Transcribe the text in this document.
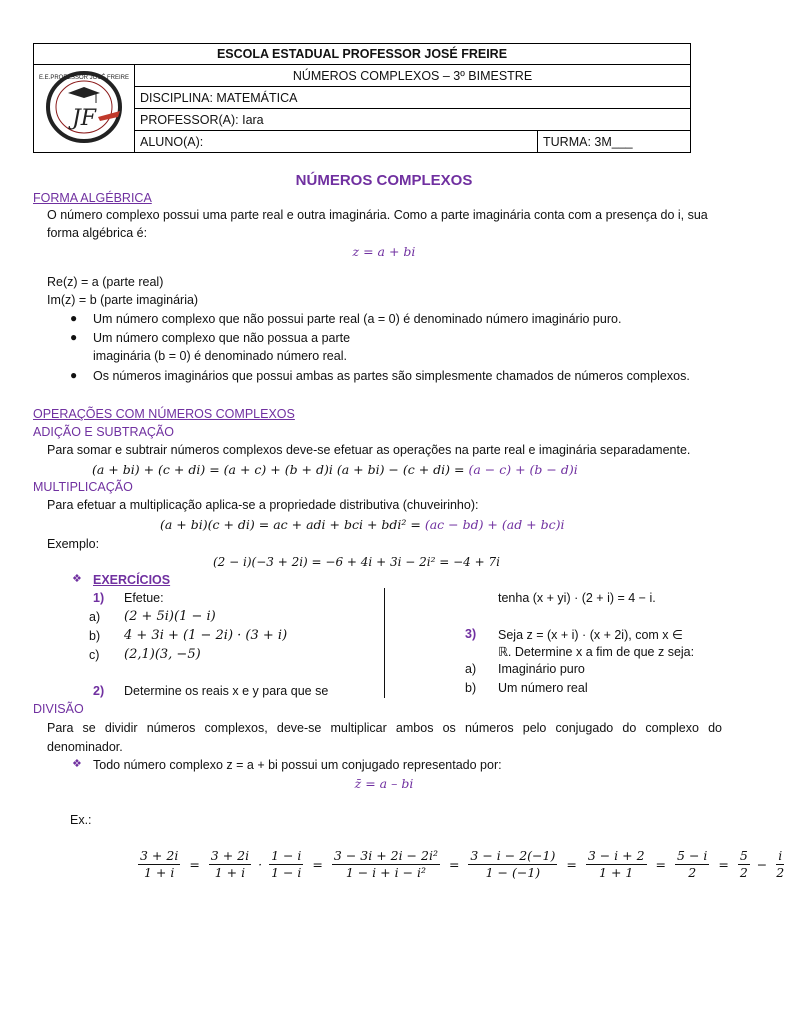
ESCOLA ESTADUAL PROFESSOR JOSÉ FREIRE		

JF
E.E.PROFESSOR JOSÉ FREIRE	NÚMEROS COMPLEXOS – 3º BIMESTRE	
	DISCIPLINA: MATEMÁTICA	
	PROFESSOR(A): Iara	
	ALUNO(A):	TURMA: 3M___
NÚMEROS COMPLEXOS
FORMA ALGÉBRICA
O número complexo possui uma parte real e outra imaginária. Como a parte imaginária conta com a presença do i, sua
forma algébrica é:
z = a + bi
Re(z) = a (parte real)
Im(z) = b (parte imaginária)
● Um número complexo que não possui parte real (a = 0) é denominado número imaginário puro.
● Um número complexo que não possua a parte
imaginária (b = 0) é denominado número real.
● Os números imaginários que possui ambas as partes são simplesmente chamados de números complexos.
OPERAÇÕES COM NÚMEROS COMPLEXOS
ADIÇÃO E SUBTRAÇÃO
Para somar e subtrair números complexos deve-se efetuar as operações na parte real e imaginária separadamente.
(a + bi) + (c + di) = (a + c) + (b + d)i (a + bi) − (c + di) = (a − c) + (b − d)i
MULTIPLICAÇÃO
Para efetuar a multiplicação aplica-se a propriedade distributiva (chuveirinho):
(a + bi)(c + di) = ac + adi + bci + bdi² = (ac − bd) + (ad + bc)i
Exemplo:
(2 − i)(−3 + 2i) = −6 + 4i + 3i − 2i² = −4 + 7i
❖ EXERCÍCIOS
1) Efetue:
a) (2 + 5i)(1 − i)
b) 4 + 3i + (1 − 2i) · (3 + i)
c) (2,1)(3, −5)
2) Determine os reais x e y para que se
tenha (x + yi) · (2 + i) = 4 − i.
3) Seja z = (x + i) · (x + 2i), com x ∈
ℝ. Determine x a fim de que z seja:
a) Imaginário puro
b) Um número real
DIVISÃO
Para se dividir números complexos, deve-se multiplicar ambos os números pelo conjugado do complexo do
denominador.
❖ Todo número complexo z = a + bi possui um conjugado representado por:
z̄ = a – bi
Ex.:
$\frac{3 + 2i}{1 + i} = \frac{3 + 2i}{1 + i} \cdot \frac{1 - i}{1 - i} = \frac{\text{3 − 3i + 2i − 2i²}}{\text{1 − i + i − i²}} = \frac{3 - i - 2(-1)}{1 - (-1)} = \frac{3 - i + 2}{1 + 1} = \frac{5 - i}{2} = \frac{5}{2} - \frac{i}{2}$
